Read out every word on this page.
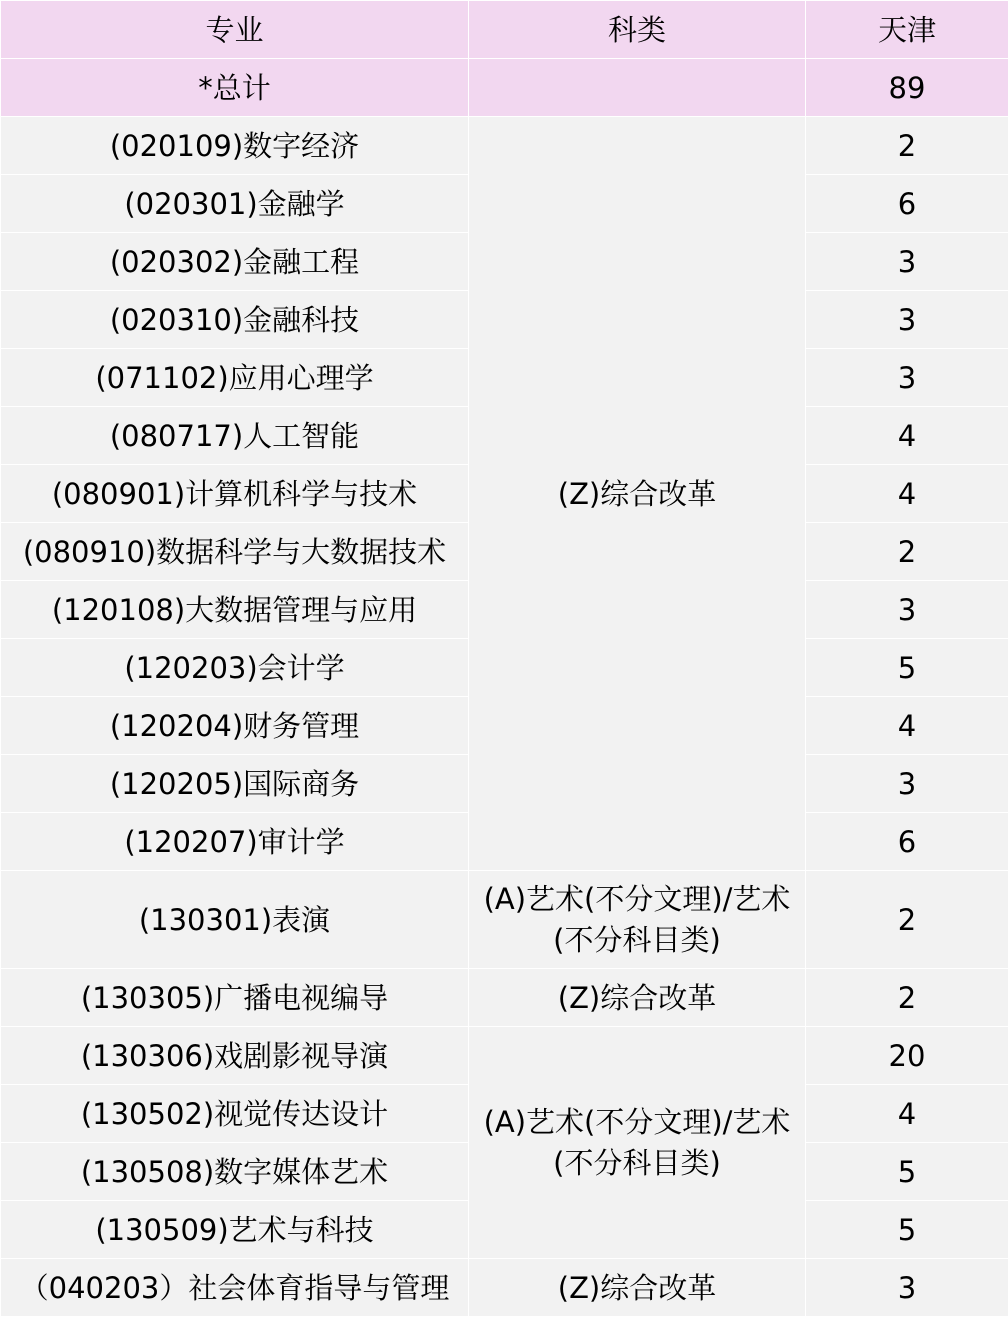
专业	科类	天津
*总计		89
(020109)数字经济	(Z)综合改革	2
(020301)金融学		6
(020302)金融工程		3
(020310)金融科技		3
(071102)应用心理学		3
(080717)人工智能		4
(080901)计算机科学与技术		4
(080910)数据科学与大数据技术		2
(120108)大数据管理与应用		3
(120203)会计学		5
(120204)财务管理		4
(120205)国际商务		3
(120207)审计学		6
(130301)表演	(A)艺术(不分文理)/艺术(不分科目类)	2
(130305)广播电视编导	(Z)综合改革	2
(130306)戏剧影视导演	(A)艺术(不分文理)/艺术(不分科目类)	20
(130502)视觉传达设计		4
(130508)数字媒体艺术		5
(130509)艺术与科技		5
（040203）社会体育指导与管理	(Z)综合改革	3
